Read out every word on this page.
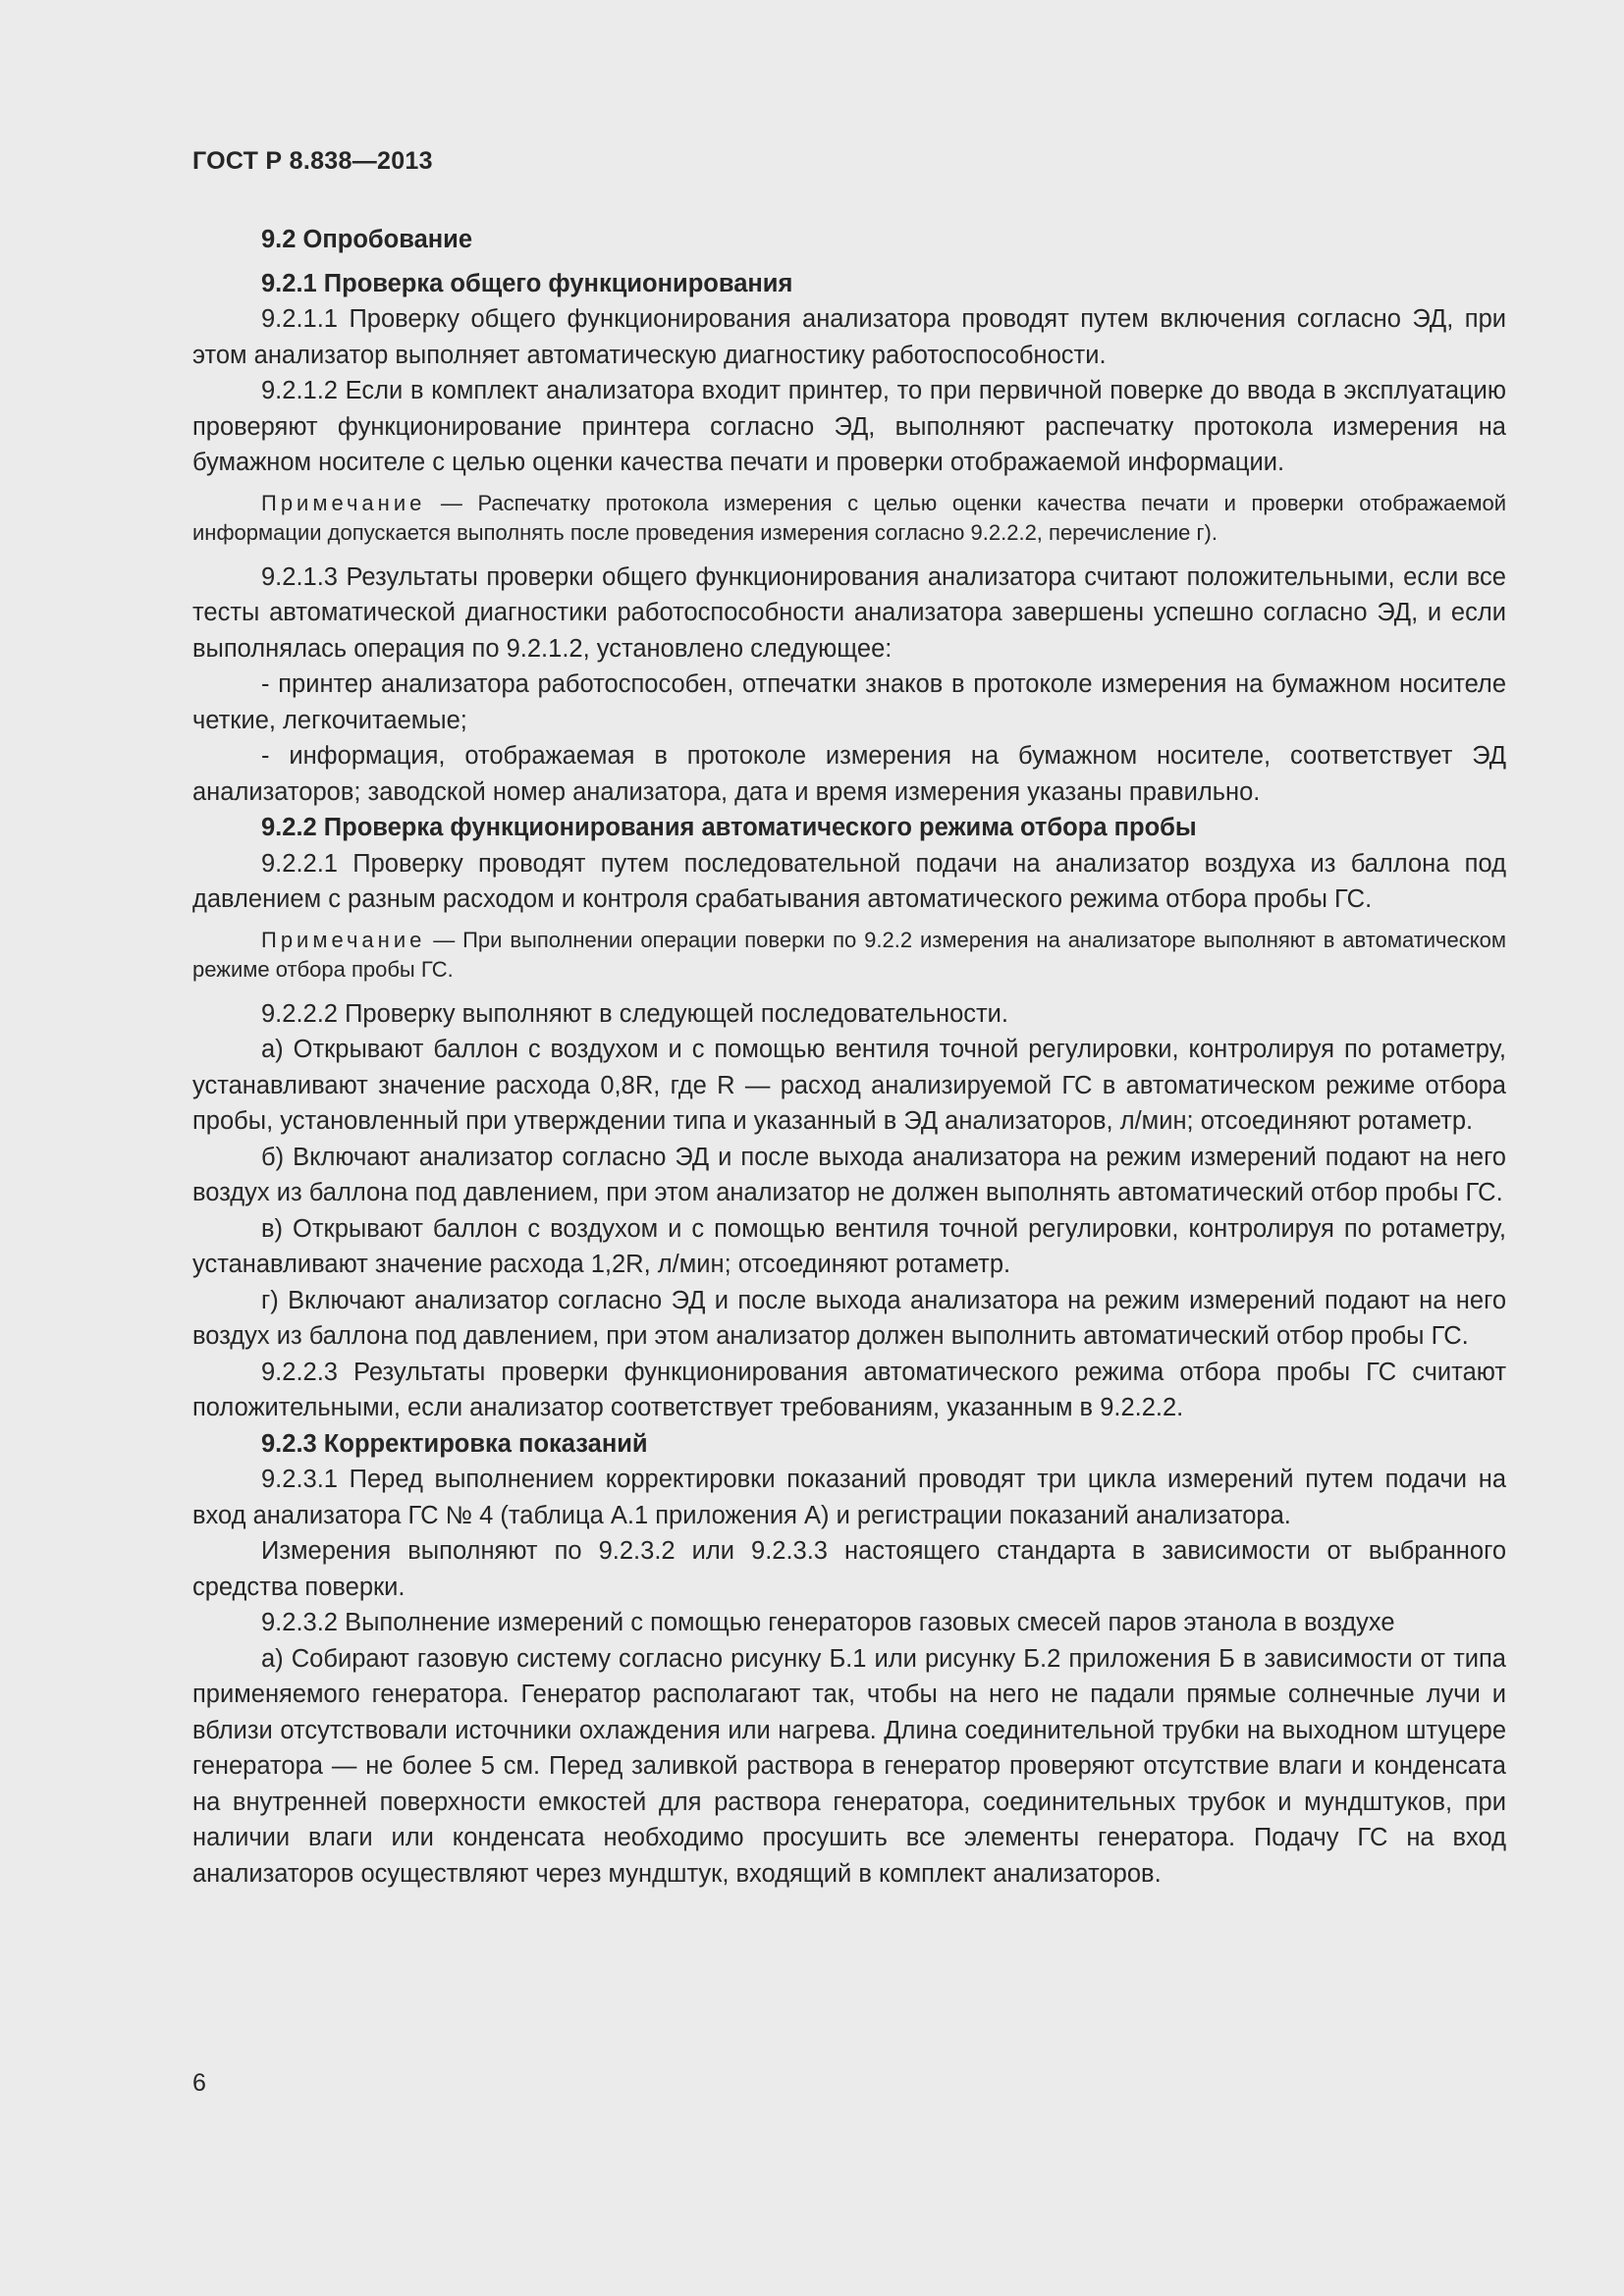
ГОСТ Р 8.838—2013

9.2 Опробование

9.2.1 Проверка общего функционирования

9.2.1.1 Проверку общего функционирования анализатора проводят путем включения согласно ЭД, при этом анализатор выполняет автоматическую диагностику работоспособности.

9.2.1.2 Если в комплект анализатора входит принтер, то при первичной поверке до ввода в эксплуатацию проверяют функционирование принтера согласно ЭД, выполняют распечатку протокола измерения на бумажном носителе с целью оценки качества печати и проверки отображаемой информации.

Примечание — Распечатку протокола измерения с целью оценки качества печати и проверки отображаемой информации допускается выполнять после проведения измерения согласно 9.2.2.2, перечисление г).

9.2.1.3 Результаты проверки общего функционирования анализатора считают положительными, если все тесты автоматической диагностики работоспособности анализатора завершены успешно согласно ЭД, и если выполнялась операция по 9.2.1.2, установлено следующее:

- принтер анализатора работоспособен, отпечатки знаков в протоколе измерения на бумажном носителе четкие, легкочитаемые;

- информация, отображаемая в протоколе измерения на бумажном носителе, соответствует ЭД анализаторов; заводской номер анализатора, дата и время измерения указаны правильно.

9.2.2 Проверка функционирования автоматического режима отбора пробы

9.2.2.1 Проверку проводят путем последовательной подачи на анализатор воздуха из баллона под давлением с разным расходом и контроля срабатывания автоматического режима отбора пробы ГС.

Примечание — При выполнении операции поверки по 9.2.2 измерения на анализаторе выполняют в автоматическом режиме отбора пробы ГС.

9.2.2.2 Проверку выполняют в следующей последовательности.

а) Открывают баллон с воздухом и с помощью вентиля точной регулировки, контролируя по ротаметру, устанавливают значение расхода 0,8R, где R — расход анализируемой ГС в автоматическом режиме отбора пробы, установленный при утверждении типа и указанный в ЭД анализаторов, л/мин; отсоединяют ротаметр.

б) Включают анализатор согласно ЭД и после выхода анализатора на режим измерений подают на него воздух из баллона под давлением, при этом анализатор не должен выполнять автоматический отбор пробы ГС.

в) Открывают баллон с воздухом и с помощью вентиля точной регулировки, контролируя по ротаметру, устанавливают значение расхода 1,2R, л/мин; отсоединяют ротаметр.

г) Включают анализатор согласно ЭД и после выхода анализатора на режим измерений подают на него воздух из баллона под давлением, при этом анализатор должен выполнить автоматический отбор пробы ГС.

9.2.2.3 Результаты проверки функционирования автоматического режима отбора пробы ГС считают положительными, если анализатор соответствует требованиям, указанным в 9.2.2.2.

9.2.3 Корректировка показаний

9.2.3.1 Перед выполнением корректировки показаний проводят три цикла измерений путем подачи на вход анализатора ГС № 4 (таблица А.1 приложения А) и регистрации показаний анализатора.

Измерения выполняют по 9.2.3.2 или 9.2.3.3 настоящего стандарта в зависимости от выбранного средства поверки.

9.2.3.2 Выполнение измерений с помощью генераторов газовых смесей паров этанола в воздухе

а) Собирают газовую систему согласно рисунку Б.1 или рисунку Б.2 приложения Б в зависимости от типа применяемого генератора. Генератор располагают так, чтобы на него не падали прямые солнечные лучи и вблизи отсутствовали источники охлаждения или нагрева. Длина соединительной трубки на выходном штуцере генератора — не более 5 см. Перед заливкой раствора в генератор проверяют отсутствие влаги и конденсата на внутренней поверхности емкостей для раствора генератора, соединительных трубок и мундштуков, при наличии влаги или конденсата необходимо просушить все элементы генератора. Подачу ГС на вход анализаторов осуществляют через мундштук, входящий в комплект анализаторов.

6
